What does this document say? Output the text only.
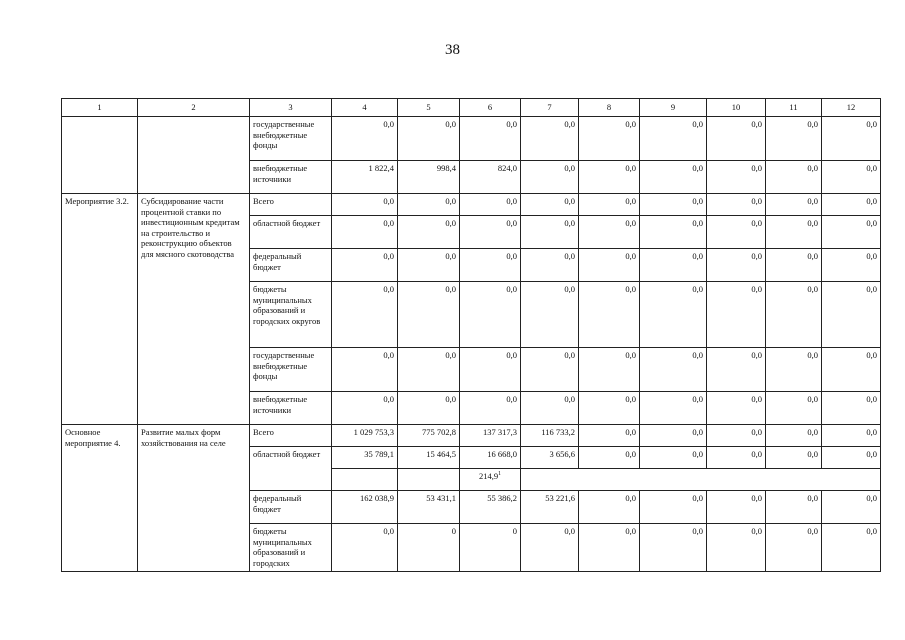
38
1	2	3	4	5	6	7	8	9	10	11	12
		государственные внебюджетные фонды	0,0	0,0	0,0	0,0	0,0	0,0	0,0	0,0	0,0
		внебюджетные источники	1 822,4	998,4	824,0	0,0	0,0	0,0	0,0	0,0	0,0
Мероприятие 3.2.	Субсидирование части процентной ставки по инвестиционным кредитам на строительство и реконструкцию объектов для мясного скотоводства	Всего	0,0	0,0	0,0	0,0	0,0	0,0	0,0	0,0	0,0
		областной бюджет	0,0	0,0	0,0	0,0	0,0	0,0	0,0	0,0	0,0
		федеральный бюджет	0,0	0,0	0,0	0,0	0,0	0,0	0,0	0,0	0,0
		бюджеты муниципальных образований и городских округов	0,0	0,0	0,0	0,0	0,0	0,0	0,0	0,0	0,0
		государственные внебюджетные фонды	0,0	0,0	0,0	0,0	0,0	0,0	0,0	0,0	0,0
		внебюджетные источники	0,0	0,0	0,0	0,0	0,0	0,0	0,0	0,0	0,0
Основное мероприятие 4.	Развитие малых форм хозяйствования на селе	Всего	1 029 753,3	775 702,8	137 317,3	116 733,2	0,0	0,0	0,0	0,0	0,0
		областной бюджет	35 789,1	15 464,5	16 668,0	3 656,6	0,0	0,0	0,0	0,0	0,0
					214,9$^1$	
		федеральный бюджет	162 038,9	53 431,1	55 386,2	53 221,6	0,0	0,0	0,0	0,0	0,0
		бюджеты муниципальных образований и городских	0,0	0	0	0,0	0,0	0,0	0,0	0,0	0,0
